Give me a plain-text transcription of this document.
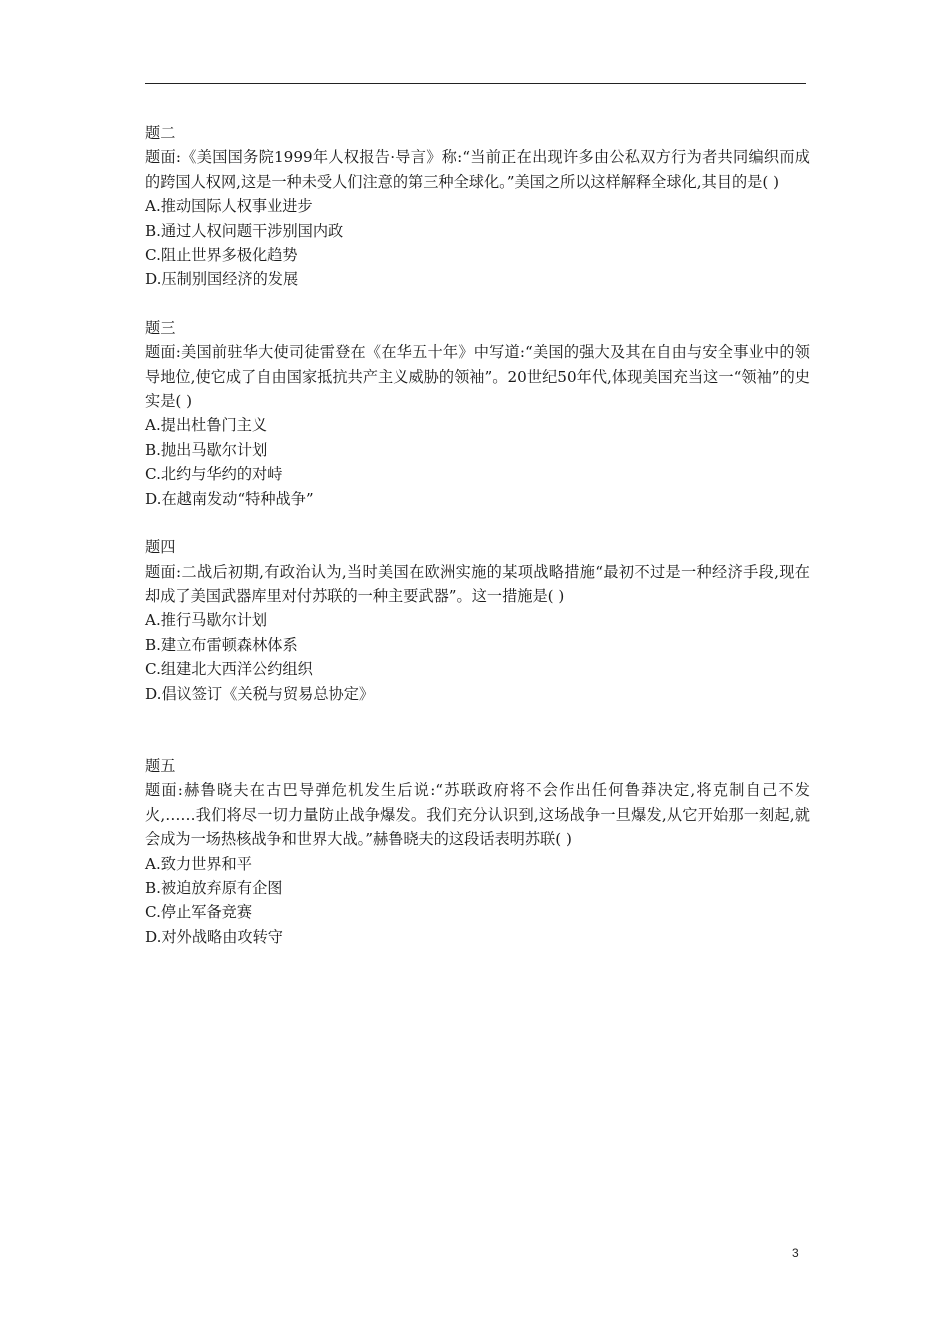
题二

题面:《美国国务院1999年人权报告·导言》称:“当前正在出现许多由公私双方行为者共同编织而成的跨国人权网,这是一种未受人们注意的第三种全球化。”美国之所以这样解释全球化,其目的是( )

A.推动国际人权事业进步
B.通过人权问题干涉别国内政
C.阻止世界多极化趋势
D.压制别国经济的发展

题三

题面:美国前驻华大使司徒雷登在《在华五十年》中写道:“美国的强大及其在自由与安全事业中的领导地位,使它成了自由国家抵抗共产主义威胁的领袖”。20世纪50年代,体现美国充当这一“领袖”的史实是( )

A.提出杜鲁门主义
B.抛出马歇尔计划
C.北约与华约的对峙
D.在越南发动“特种战争”

题四

题面:二战后初期,有政治认为,当时美国在欧洲实施的某项战略措施“最初不过是一种经济手段,现在却成了美国武器库里对付苏联的一种主要武器”。这一措施是( )

A.推行马歇尔计划
B.建立布雷顿森林体系
C.组建北大西洋公约组织
D.倡议签订《关税与贸易总协定》

题五

题面:赫鲁晓夫在古巴导弹危机发生后说:“苏联政府将不会作出任何鲁莽决定,将克制自己不发火,……我们将尽一切力量防止战争爆发。我们充分认识到,这场战争一旦爆发,从它开始那一刻起,就会成为一场热核战争和世界大战。”赫鲁晓夫的这段话表明苏联( )

A.致力世界和平
B.被迫放弃原有企图
C.停止军备竞赛
D.对外战略由攻转守
3
